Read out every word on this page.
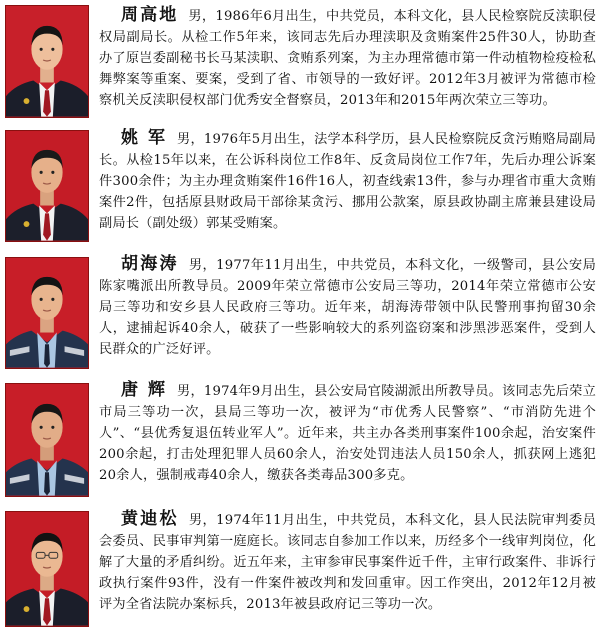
周高地 男，1986年6月出生，中共党员，本科文化，县人民检察院反渎职侵权局副局长。从检工作5年来，该同志先后办理渎职及贪贿案件25件30人，协助查办了原岂委副秘书长马某渎职、贪贿系列案，为主办理常德市第一件动植物检疫检私舞弊案等重案、要案，受到了省、市领导的一致好评。2012年3月被评为常德市检察机关反渎职侵权部门优秀安全督察员，2013年和2015年两次荣立三等功。
姚 军 男，1976年5月出生，法学本科学历，县人民检察院反贪污贿赂局副局长。从检15年以来，在公诉科岗位工作8年、反贪局岗位工作7年，先后办理公诉案件300余件；为主办理贪贿案件16件16人，初查线索13件，参与办理省市重大贪贿案件2件，包括原县财政局干部徐某贪污、挪用公款案，原县政协副主席兼县建设局副局长（副处级）郭某受贿案。
胡海涛 男，1977年11月出生，中共党员，本科文化，一级警司，县公安局陈家嘴派出所教导员。2009年荣立常德市公安局三等功，2014年荣立常德市公安局三等功和安乡县人民政府三等功。近年来，胡海涛带领中队民警刑事拘留30余人，逮捕起诉40余人，破获了一些影响较大的系列盗窃案和涉黑涉恶案件，受到人民群众的广泛好评。
唐 辉 男，1974年9月出生，县公安局官陵湖派出所教导员。该同志先后荣立市局三等功一次，县局三等功一次，被评为“市优秀人民警察”、“市消防先进个人”、“县优秀复退伍转业军人”。近年来，共主办各类刑事案件100余起，治安案件200余起，打击处理犯罪人员60余人，治安处罚违法人员150余人，抓获网上逃犯20余人，强制戒毒40余人，缴获各类毒品300多克。
黄迪松 男，1974年11月出生，中共党员，本科文化，县人民法院审判委员会委员、民事审判第一庭庭长。该同志自参加工作以来，历经多个一线审判岗位，化解了大量的矛盾纠纷。近五年来，主审参审民事案件近千件，主审行政案件、非诉行政执行案件93件，没有一件案件被改判和发回重审。因工作突出，2012年12月被评为全省法院办案标兵，2013年被县政府记三等功一次。
